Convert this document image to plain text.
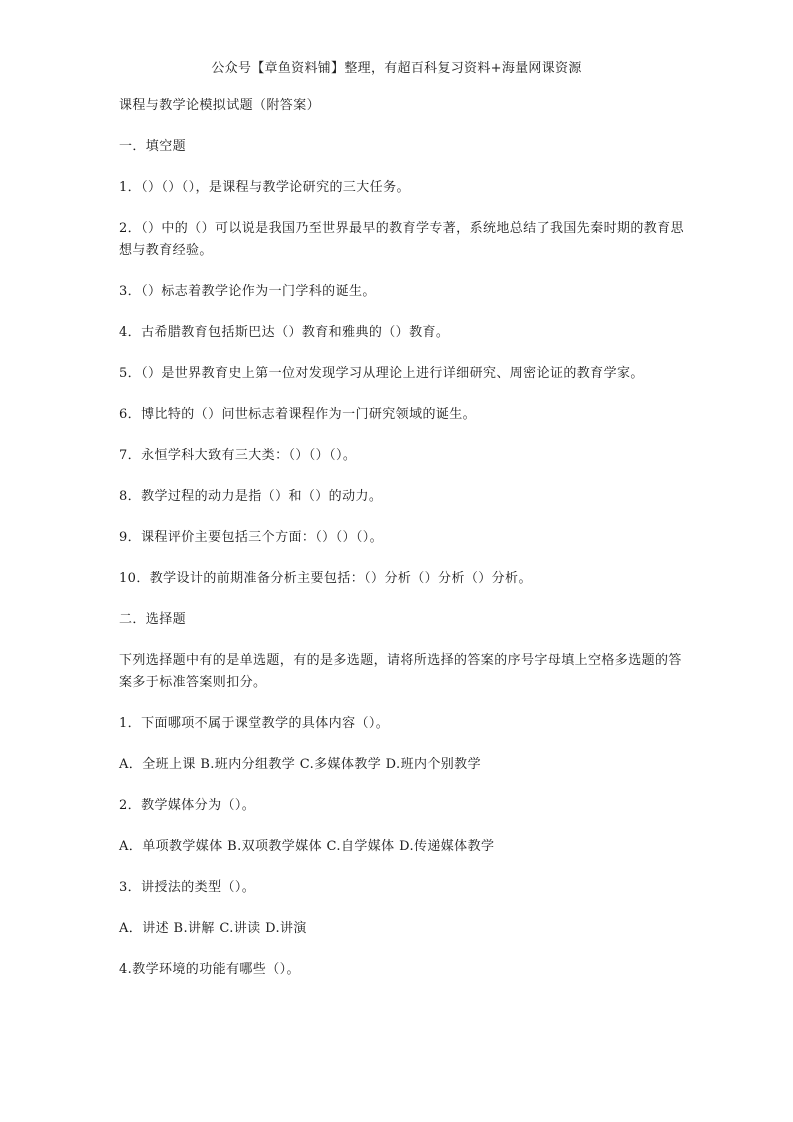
公众号【章鱼资料铺】整理，有超百科复习资料+海量网课资源

课程与教学论模拟试题（附答案）

一．填空题

1．（）（）（），是课程与教学论研究的三大任务。

2．（）中的（）可以说是我国乃至世界最早的教育学专著，系统地总结了我国先秦时期的教育思想与教育经验。

3．（）标志着教学论作为一门学科的诞生。

4．古希腊教育包括斯巴达（）教育和雅典的（）教育。

5．（）是世界教育史上第一位对发现学习从理论上进行详细研究、周密论证的教育学家。

6．博比特的（）问世标志着课程作为一门研究领域的诞生。

7．永恒学科大致有三大类：（）（）（）。

8．教学过程的动力是指（）和（）的动力。

9．课程评价主要包括三个方面：（）（）（）。

10．教学设计的前期准备分析主要包括：（）分析（）分析（）分析。

二．选择题

下列选择题中有的是单选题，有的是多选题，请将所选择的答案的序号字母填上空格多选题的答案多于标准答案则扣分。

1．下面哪项不属于课堂教学的具体内容（）。

A．全班上课 B.班内分组教学 C.多媒体教学 D.班内个别教学

2．教学媒体分为（）。

A．单项教学媒体 B.双项教学媒体 C.自学媒体 D.传递媒体教学

3．讲授法的类型（）。

A．讲述 B.讲解 C.讲读 D.讲演

4.教学环境的功能有哪些（）。
